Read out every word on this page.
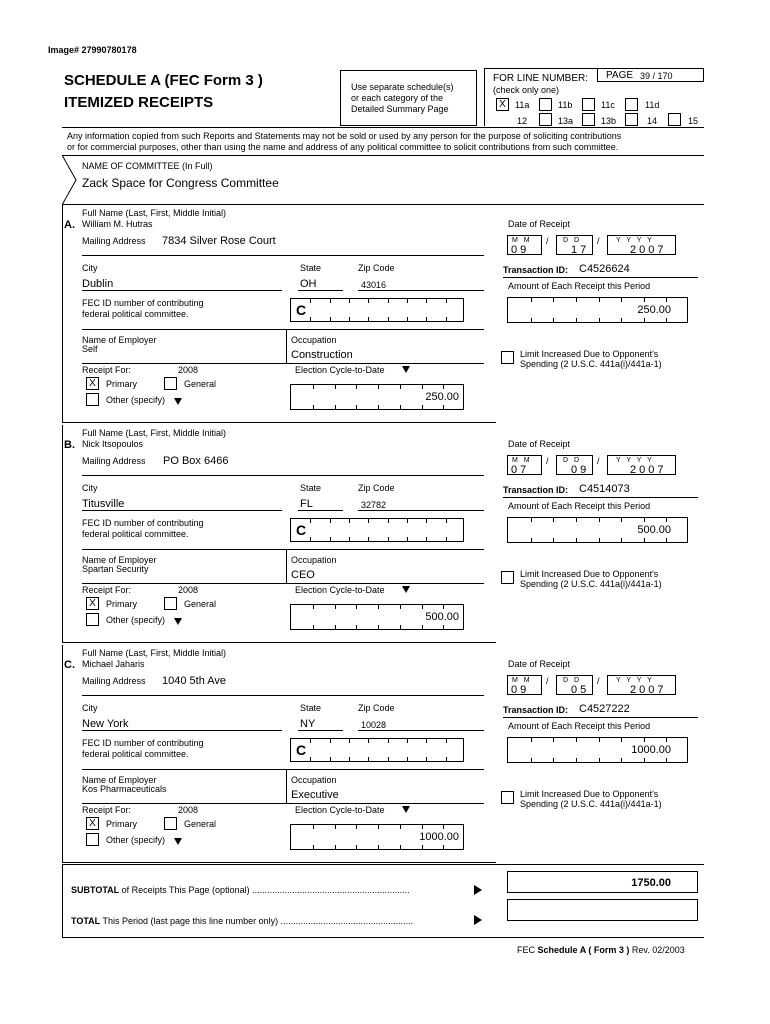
Image# 27990780178
SCHEDULE A (FEC Form 3 )
ITEMIZED RECEIPTS
Use separate schedule(s)
or each category of the
Detailed Summary Page
FOR LINE NUMBER:
(check only one)
PAGE 39 / 170
X	11a	11b	11c	11d
12	13a	13b	14	15
Any information copied from such Reports and Statements may not be sold or used by any person for the purpose of soliciting contributions
or for commercial purposes, other than using the name and address of any political committee to solicit contributions from such committee.
NAME OF COMMITTEE (In Full)
Zack Space for Congress Committee
A.
Full Name (Last, First, Middle Initial)
William M. Hutras
Mailing Address 7834 Silver Rose Court
City	State	Zip Code
Dublin	OH	43016
FEC ID number of contributing
federal political committee.	C
Name of Employer
Self
Occupation
Construction
Receipt For:	2008
X	Primary	General
Other (specify)
Election Cycle-to-Date
250.00
Date of Receipt
M M
09
/ D D
17
/ Y Y Y Y
2007
Transaction ID: C4526624
Amount of Each Receipt this Period
250.00
Limit Increased Due to Opponent's
Spending (2 U.S.C. 441a(i)/441a-1)
B.
Full Name (Last, First, Middle Initial)
Nick Itsopoulos
Mailing Address PO Box 6466
City	State	Zip Code
Titusville	FL	32782
FEC ID number of contributing
federal political committee.	C
Name of Employer
Spartan Security
Occupation
CEO
Receipt For:	2008
X	Primary	General
Other (specify)
Election Cycle-to-Date
500.00
Date of Receipt
M M
07
/ D D
09
/ Y Y Y Y
2007
Transaction ID: C4514073
Amount of Each Receipt this Period
500.00
Limit Increased Due to Opponent's
Spending (2 U.S.C. 441a(i)/441a-1)
C.
Full Name (Last, First, Middle Initial)
Michael Jaharis
Mailing Address 1040 5th Ave
City	State	Zip Code
New York	NY	10028
FEC ID number of contributing
federal political committee.	C
Name of Employer
Kos Pharmaceuticals
Occupation
Executive
Receipt For:	2008
X	Primary	General
Other (specify)
Election Cycle-to-Date
1000.00
Date of Receipt
M M
09
/ D D
05
/ Y Y Y Y
2007
Transaction ID: C4527222
Amount of Each Receipt this Period
1000.00
Limit Increased Due to Opponent's
Spending (2 U.S.C. 441a(i)/441a-1)
SUBTOTAL of Receipts This Page (optional) ...............................................................
1750.00
TOTAL This Period (last page this line number only) .....................................................
FEC Schedule A ( Form 3 ) Rev. 02/2003
